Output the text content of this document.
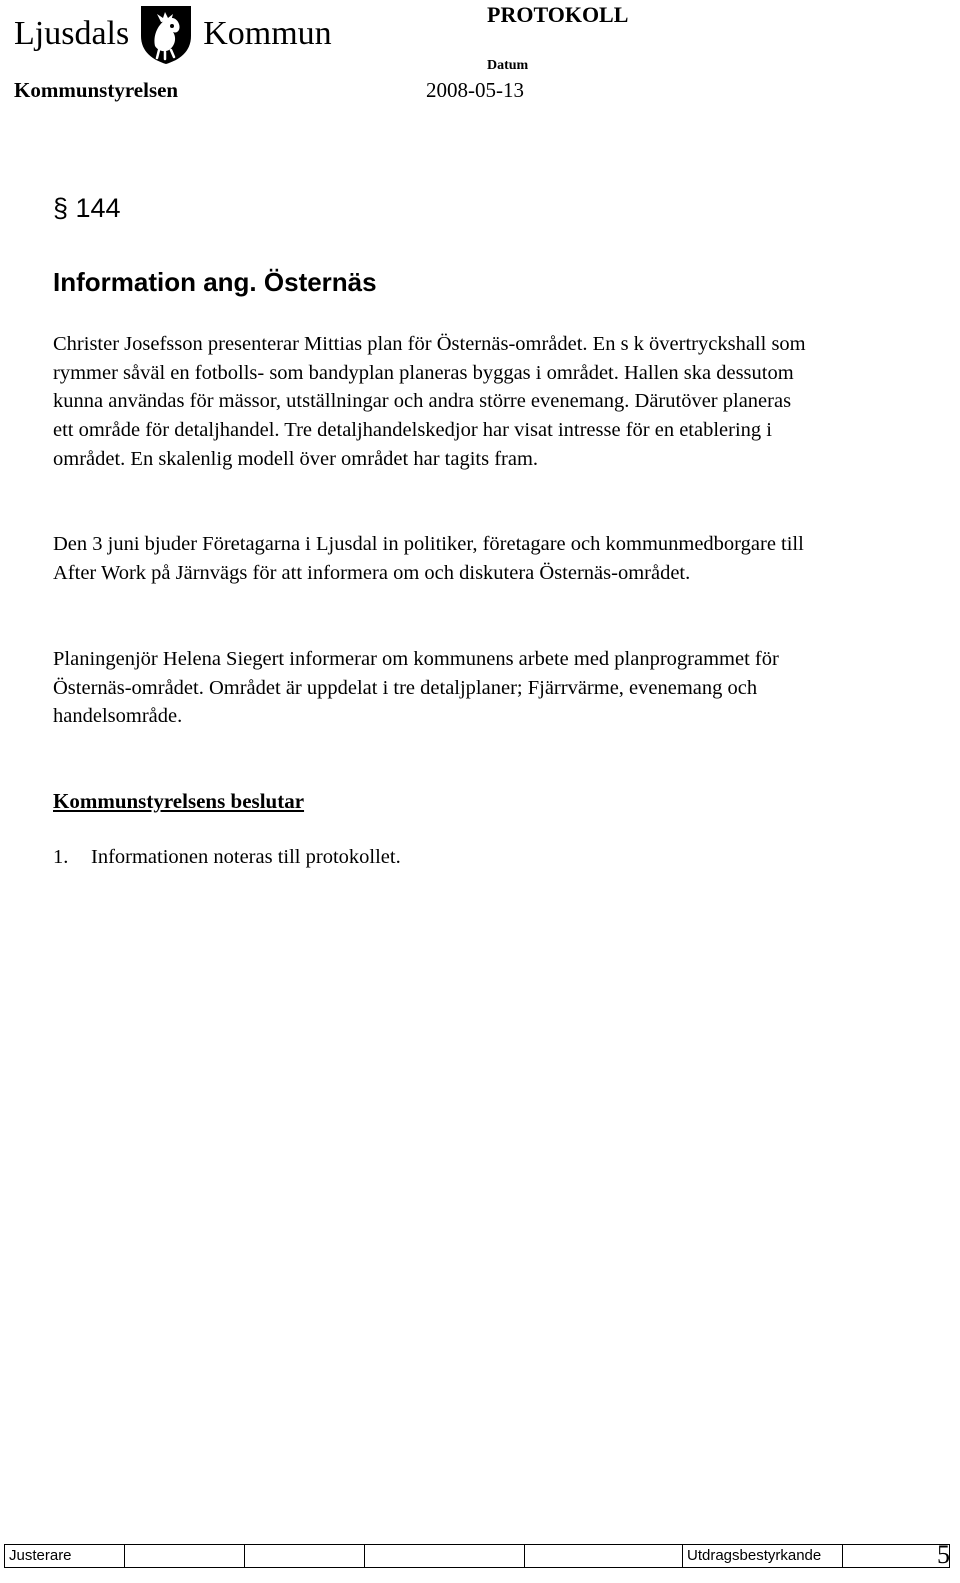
Ljusdals Kommun
PROTOKOLL
Kommunstyrelsen
Datum
2008-05-13
§ 144
Information ang. Östernäs

Christer Josefsson presenterar Mittias plan för Östernäs-området. En s k övertryckshall som rymmer såväl en fotbolls- som bandyplan planeras byggas i området. Hallen ska dessutom kunna användas för mässor, utställningar och andra större evenemang. Därutöver planeras ett område för detaljhandel. Tre detaljhandelskedjor har visat intresse för en etablering i området. En skalenlig modell över området har tagits fram.

Den 3 juni bjuder Företagarna i Ljusdal in politiker, företagare och kommunmedborgare till After Work på Järnvägs för att informera om och diskutera Östernäs-området.

Planingenjör Helena Siegert informerar om kommunens arbete med planprogrammet för Östernäs-området. Området är uppdelat i tre detaljplaner; Fjärrvärme, evenemang och handelsområde.

Kommunstyrelsens beslutar
1. Informationen noteras till protokollet.
Justerare	Utdragsbestyrkande	5
